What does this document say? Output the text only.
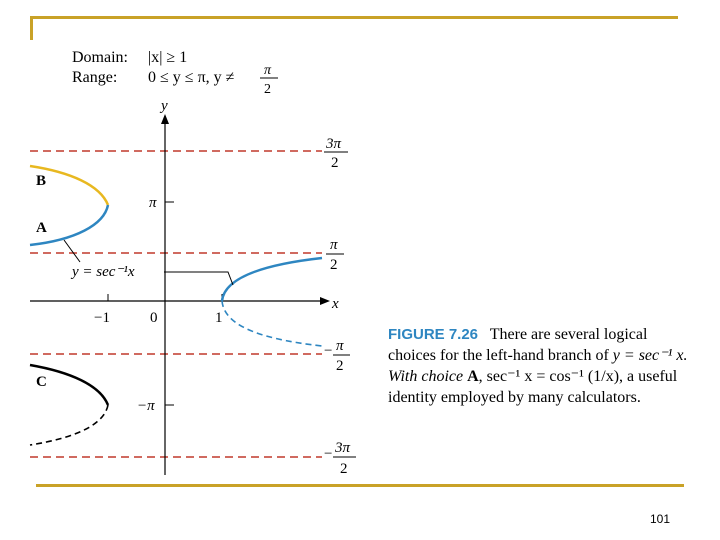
Domain: |x| ≥ 1
Range: 0 ≤ y ≤ π, y ≠ π
2
y
x
π
−π
−1	0	1
3π
2
π
2
− π
2
− 3π
2
B
A
C
y = sec⁻¹x
FIGURE 7.26 There are several logical choices for the left-hand branch of y = sec⁻¹ x. With choice A, sec⁻¹ x = cos⁻¹ (1/x), a useful identity employed by many calculators.
101
